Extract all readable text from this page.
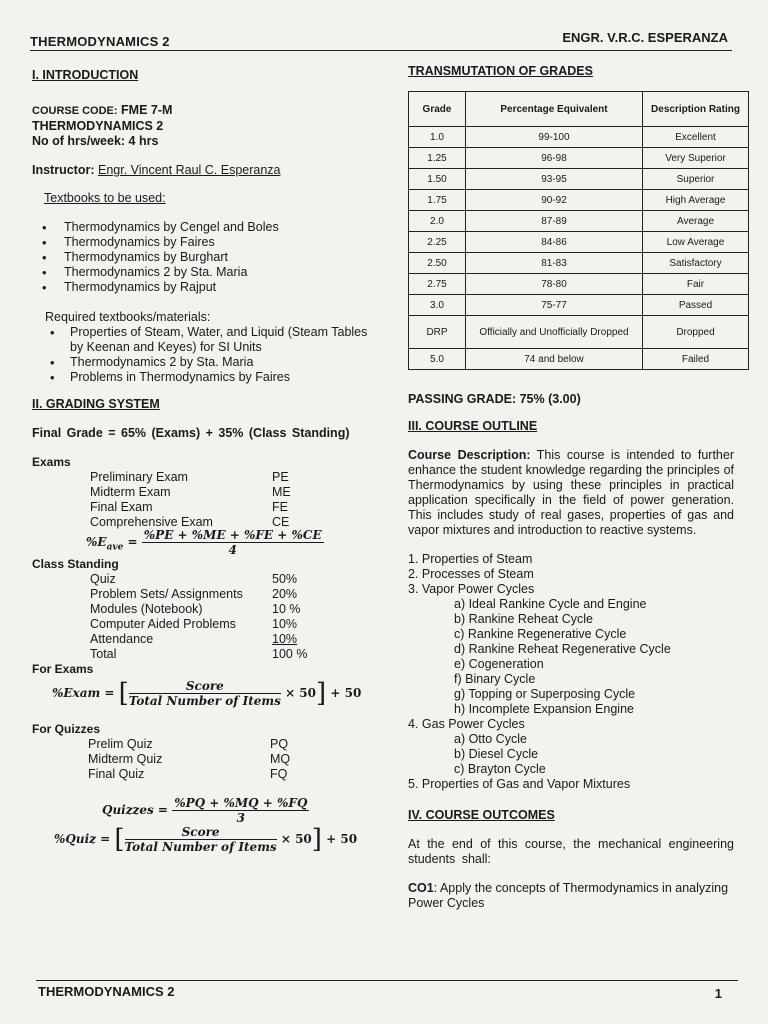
THERMODYNAMICS 2	ENGR. V.R.C. ESPERANZA
I. INTRODUCTION

COURSE CODE: FME 7-M

THERMODYNAMICS 2

No of hrs/week: 4 hrs

Instructor: Engr. Vincent Raul C. Esperanza

Textbooks to be used:

• Thermodynamics by Cengel and Boles
• Thermodynamics by Faires
• Thermodynamics by Burghart
• Thermodynamics 2 by Sta. Maria
• Thermodynamics by Rajput

Required textbooks/materials:

• Properties of Steam, Water, and Liquid (Steam Tables by Keenan and Keyes) for SI Units
• Thermodynamics 2 by Sta. Maria
• Problems in Thermodynamics by Faires
II. GRADING SYSTEM

Final Grade = 65% (Exams) + 35% (Class Standing)

Exams

Preliminary Exam	PE
Midterm Exam	ME
Final Exam	FE
Comprehensive Exam	CE
$\%E_{ave} = \frac{\%PE + \%ME + \%FE + \%CE}{4}$

Class Standing

Quiz	50%
Problem Sets/ Assignments	20%
Modules (Notebook)	10 %
Computer Aided Problems	10%
Attendance	10%
Total	100 %

For Exams

%Exam = [ $\frac{\text{Score}}{\text{Total Number of Items}} \times 50] + 50$

For Quizzes

Prelim Quiz	PQ
Midterm Quiz	MQ
Final Quiz	FQ
Quizzes = $\frac{\%PQ + \%MQ + \%FQ}{3}$
%Quiz = [ $\frac{\text{Score}}{\text{Total Number of Items}} \times 50] + 50$
TRANSMUTATION OF GRADES
Grade	Percentage Equivalent	Description Rating
1.0	99-100	Excellent
1.25	96-98	Very Superior
1.50	93-95	Superior
1.75	90-92	High Average
2.0	87-89	Average
2.25	84-86	Low Average
2.50	81-83	Satisfactory
2.75	78-80	Fair
3.0	75-77	Passed
DRP	Officially and Unofficially Dropped	Dropped
5.0	74 and below	Failed

PASSING GRADE: 75% (3.00)

III. COURSE OUTLINE

Course Description: This course is intended to further enhance the student knowledge regarding the principles of Thermodynamics by using these principles in practical application specifically in the field of power generation. This includes study of real gases, properties of gas and vapor mixtures and introduction to reactive systems.

1. Properties of Steam
2. Processes of Steam
3. Vapor Power Cycles
a) Ideal Rankine Cycle and Engine
b) Rankine Reheat Cycle
c) Rankine Regenerative Cycle
d) Rankine Reheat Regenerative Cycle
e) Cogeneration
f) Binary Cycle
g) Topping or Superposing Cycle
h) Incomplete Expansion Engine
4. Gas Power Cycles
a) Otto Cycle
b) Diesel Cycle
c) Brayton Cycle
5. Properties of Gas and Vapor Mixtures
IV. COURSE OUTCOMES

At the end of this course, the mechanical engineering students shall:

CO1: Apply the concepts of Thermodynamics in analyzing Power Cycles

THERMODYNAMICS 2	1
